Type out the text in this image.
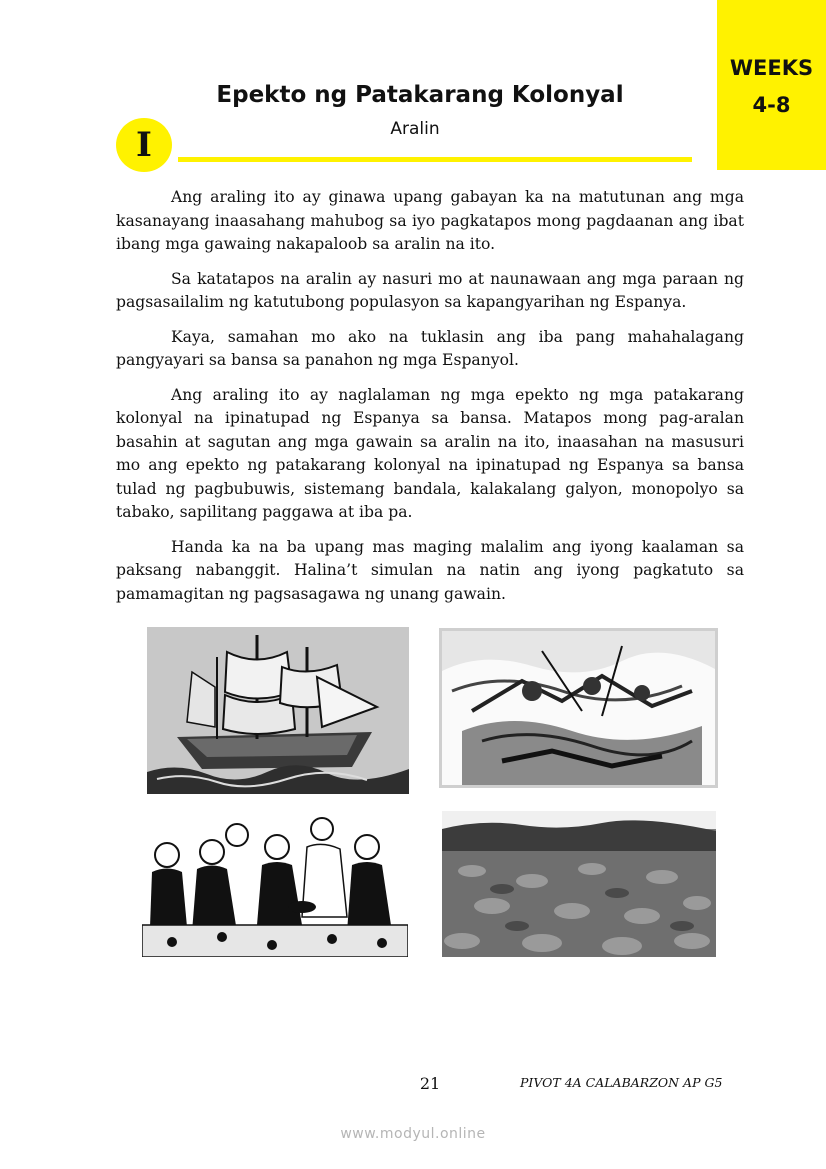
WEEKS
4-8
Epekto ng Patakarang Kolonyal
Aralin
I

Ang araling ito ay ginawa upang gabayan ka na matutunan ang mga kasanayang inaasahang mahubog sa iyo pagkatapos mong pagdaanan ang ibat ibang mga gawaing nakapaloob sa aralin na ito.

Sa katatapos na aralin ay nasuri mo at naunawaan ang mga paraan ng pagsasailalim ng katutubong populasyon sa kapangyarihan ng Espanya.

Kaya, samahan mo ako na tuklasin ang iba pang mahahalagang pangyayari sa bansa sa panahon ng mga Espanyol.

Ang araling ito ay naglalaman ng mga epekto ng mga patakarang kolonyal na ipinatupad ng Espanya sa bansa. Matapos mong pag-aralan basahin at sagutan ang mga gawain sa aralin na ito, inaasahan na masusuri mo ang epekto ng patakarang kolonyal na ipinatupad ng Espanya sa bansa tulad ng pagbubuwis, sistemang bandala, kalakalang galyon, monopolyo sa tabako, sapilitang paggawa at iba pa.

Handa ka na ba upang mas maging malalim ang iyong kaalaman sa paksang nabanggit. Halina’t simulan na natin ang iyong pagkatuto sa pamamagitan ng pagsasagawa ng unang gawain.

21	PIVOT 4A CALABARZON AP G5
www.modyul.online
